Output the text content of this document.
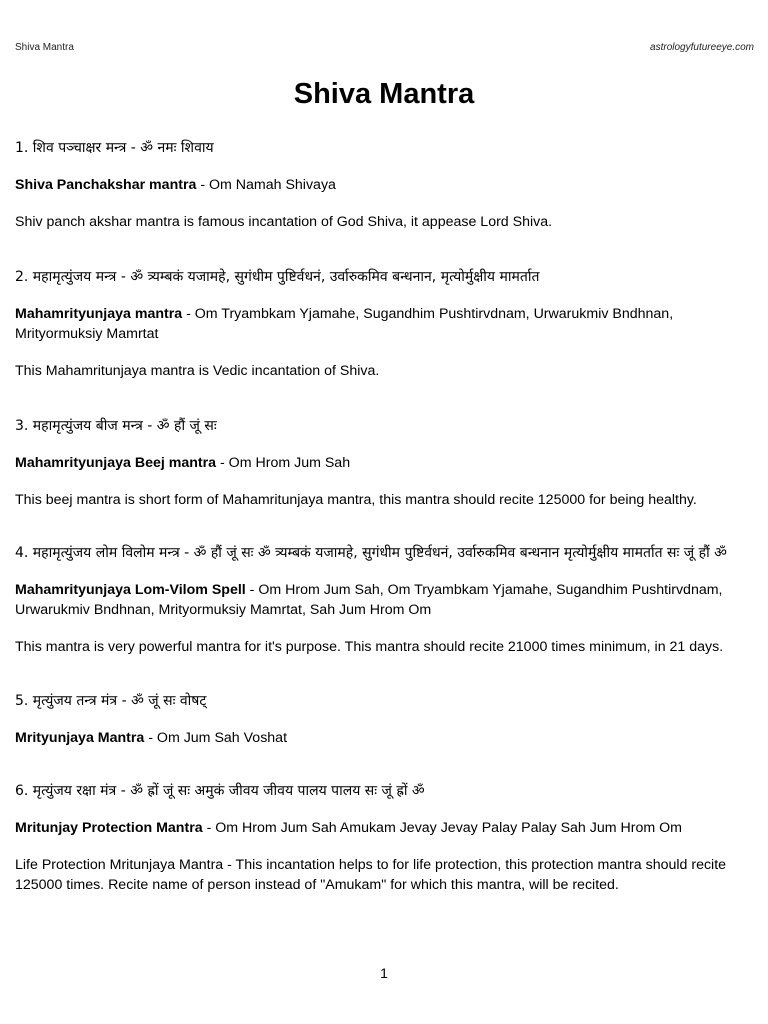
Shiva Mantra	astrologyfutureeye.com
Shiva Mantra

1. शिव पञ्चाक्षर मन्त्र - ॐ नमः शिवाय

Shiva Panchakshar mantra - Om Namah Shivaya

Shiv panch akshar mantra is famous incantation of God Shiva, it appease Lord Shiva.

2. महामृत्युंजय मन्त्र - ॐ त्र्यम्बकं यजामहे, सुगंधीम पुष्टिर्वधनं, उर्वारुकमिव बन्धनान, मृत्योर्मुक्षीय मामर्तात

Mahamrityunjaya mantra - Om Tryambkam Yjamahe, Sugandhim Pushtirvdnam, Urwarukmiv Bndhnan, Mrityormuksiy Mamrtat

This Mahamritunjaya mantra is Vedic incantation of Shiva.

3. महामृत्युंजय बीज मन्त्र - ॐ हौं जूं सः

Mahamrityunjaya Beej mantra - Om Hrom Jum Sah

This beej mantra is short form of Mahamritunjaya mantra, this mantra should recite 125000 for being healthy.

4. महामृत्युंजय लोम विलोम मन्त्र - ॐ हौं जूं सः ॐ त्र्यम्बकं यजामहे, सुगंधीम पुष्टिर्वधनं, उर्वारुकमिव बन्धनान मृत्योर्मुक्षीय मामर्तात सः जूं हौं ॐ

Mahamrityunjaya Lom-Vilom Spell - Om Hrom Jum Sah, Om Tryambkam Yjamahe, Sugandhim Pushtirvdnam, Urwarukmiv Bndhnan, Mrityormuksiy Mamrtat, Sah Jum Hrom Om

This mantra is very powerful mantra for it's purpose. This mantra should recite 21000 times minimum, in 21 days.

5. मृत्युंजय तन्त्र मंत्र - ॐ जूं सः वोषट्

Mrityunjaya Mantra - Om Jum Sah Voshat

6. मृत्युंजय रक्षा मंत्र - ॐ ह्रों जूं सः अमुकं जीवय जीवय पालय पालय सः जूं ह्रों ॐ

Mritunjay Protection Mantra - Om Hrom Jum Sah Amukam Jevay Jevay Palay Palay Sah Jum Hrom Om

Life Protection Mritunjaya Mantra - This incantation helps to for life protection, this protection mantra should recite 125000 times. Recite name of person instead of "Amukam" for which this mantra, will be recited.

1
